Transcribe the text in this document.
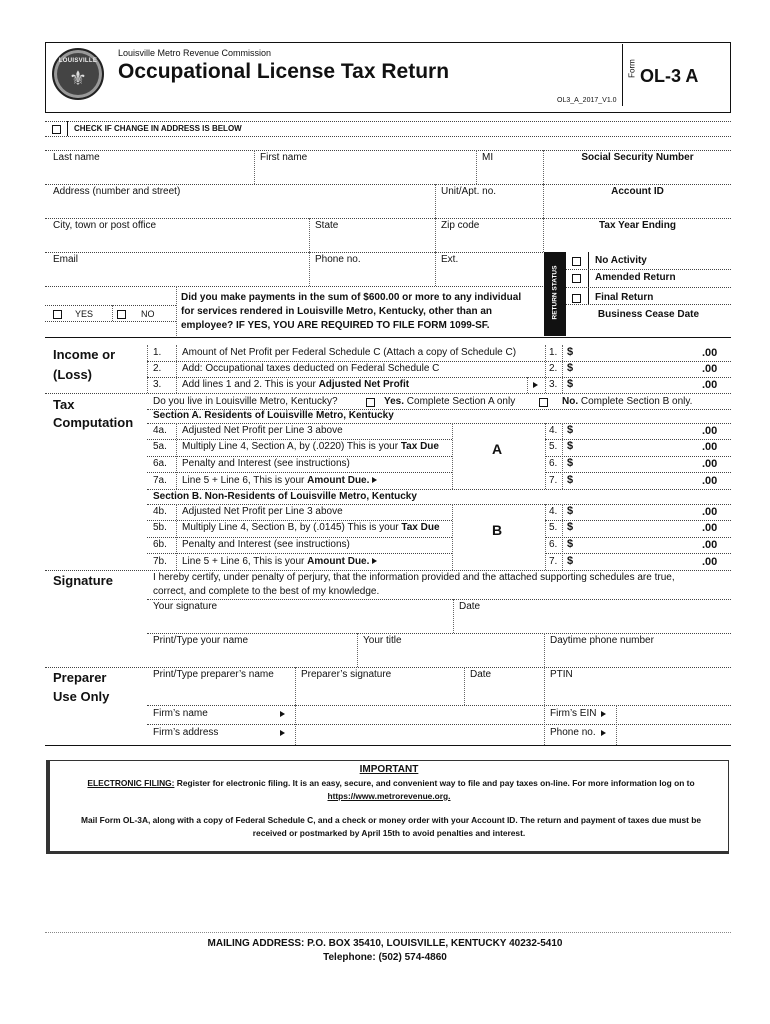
LOUISVILLE
⚜
Louisville Metro Revenue Commission
Occupational License Tax Return
OL3_A_2017_V1.0
Form OL-3 A
CHECK IF CHANGE IN ADDRESS IS BELOW
Last name	First name	MI	Social Security Number
Address (number and street)	Unit/Apt. no.	Account ID
City, town or post office	State	Zip code	Tax Year Ending
Email	Phone no.	Ext.
RETURN STATUS
No Activity
Amended Return
Final Return
Business Cease Date
YES	NO
Did you make payments in the sum of $600.00 or more to any individual
for services rendered in Louisville Metro, Kentucky, other than an
employee? IF YES, YOU ARE REQUIRED TO FILE FORM 1099-SF.
Income or
(Loss)
1. Amount of Net Profit per Federal Schedule C (Attach a copy of Schedule C)	1. $	.00
2. Add: Occupational taxes deducted on Federal Schedule C	2. $	.00
3. Add lines 1 and 2. This is your Adjusted Net Profit	3. $	.00
Tax
Computation
Do you live in Louisville Metro, Kentucky?	Yes. Complete Section A only	No. Complete Section B only.
Section A. Residents of Louisville Metro, Kentucky
A
4a. Adjusted Net Profit per Line 3 above	4. $	.00
5a. Multiply Line 4, Section A, by (.0220) This is your Tax Due	5. $	.00
6a. Penalty and Interest (see instructions)	6. $	.00
7a. Line 5 + Line 6, This is your Amount Due.	7. $	.00
Section B. Non-Residents of Louisville Metro, Kentucky
B
4b. Adjusted Net Profit per Line 3 above	4. $	.00
5b. Multiply Line 4, Section B, by (.0145) This is your Tax Due	5. $	.00
6b. Penalty and Interest (see instructions)	6. $	.00
7b. Line 5 + Line 6, This is your Amount Due.	7. $	.00
Signature	I hereby certify, under penalty of perjury, that the information provided and the attached supporting schedules are true,
correct, and complete to the best of my knowledge.
Your signature	Date
Print/Type your name	Your title	Daytime phone number
Preparer
Use Only
Print/Type preparer’s name	Preparer’s signature	Date	PTIN
Firm’s name	Firm’s EIN
Firm’s address	Phone no.
IMPORTANT
ELECTRONIC FILING: Register for electronic filing. It is an easy, secure, and convenient way to file and pay taxes on-line. For more information log on to
https://www.metrorevenue.org.
Mail Form OL-3A, along with a copy of Federal Schedule C, and a check or money order with your Account ID. The return and payment of taxes due must be
received or postmarked by April 15th to avoid penalties and interest.
MAILING ADDRESS: P.O. BOX 35410, LOUISVILLE, KENTUCKY 40232-5410
Telephone: (502) 574-4860
